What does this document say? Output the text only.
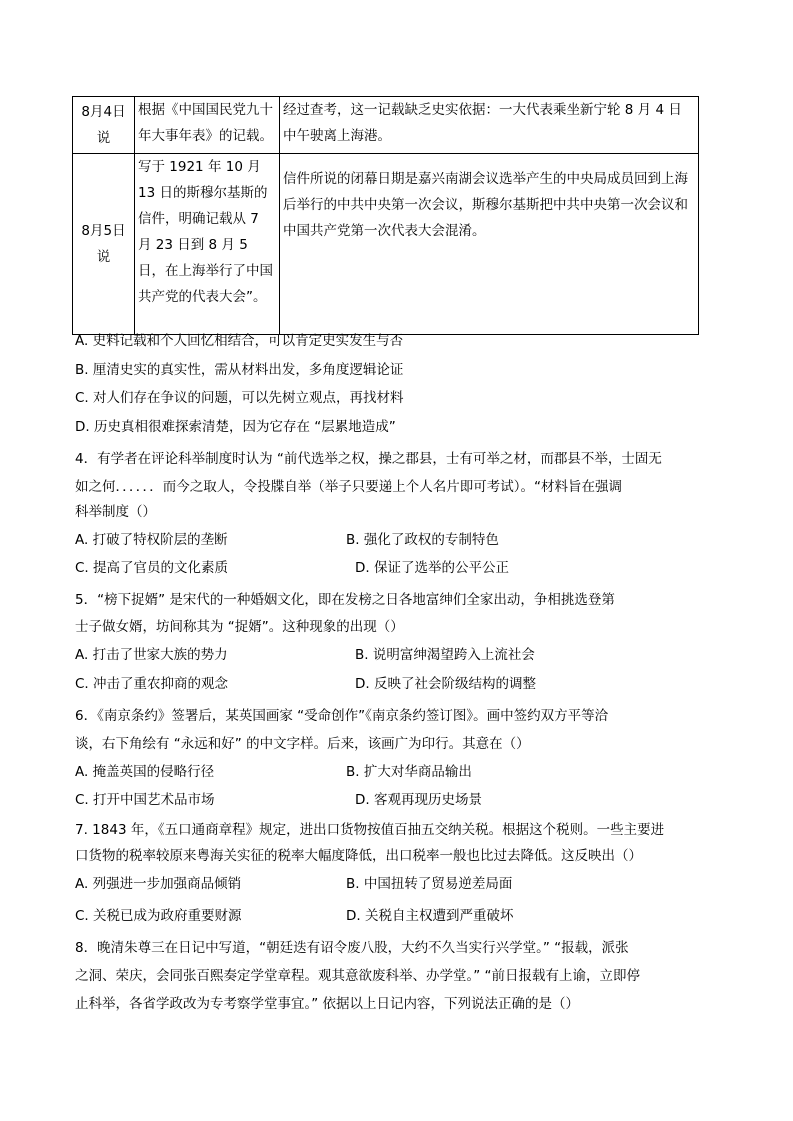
8月4日说	根据《中国国民党九十年大事年表》的记载。	经过查考，这一记载缺乏史实依据：一大代表乘坐新宁轮 8 月 4 日中午驶离上海港。
8月5日说	写于 1921 年 10 月 13 日的斯穆尔基斯的信件，明确记载从 7 月 23 日到 8 月 5 日，在上海举行了中国共产党的代表大会”。	信件所说的闭幕日期是嘉兴南湖会议选举产生的中央局成员回到上海后举行的中共中央第一次会议，斯穆尔基斯把中共中央第一次会议和中国共产党第一次代表大会混淆。
A. 史料记载和个人回忆相结合，可以肯定史实发生与否
B. 厘清史实的真实性，需从材料出发，多角度逻辑论证
C. 对人们存在争议的问题，可以先树立观点，再找材料
D. 历史真相很难探索清楚，因为它存在 “层累地造成”
4．有学者在评论科举制度时认为 “前代选举之权，操之郡县，士有可举之材，而郡县不举，士固无
如之何．．．．．．而今之取人，令投牒自举（举子只要递上个人名片即可考试）。“材料旨在强调
科举制度（）
A. 打破了特权阶层的垄断	B. 强化了政权的专制特色
C. 提高了官员的文化素质	D. 保证了选举的公平公正
5．“榜下捉婿” 是宋代的一种婚姻文化，即在发榜之日各地富绅们全家出动，争相挑选登第
士子做女婿，坊间称其为 “捉婿”。这种现象的出现（）
A. 打击了世家大族的势力	B. 说明富绅渴望跨入上流社会
C. 冲击了重农抑商的观念	D. 反映了社会阶级结构的调整
6．《南京条约》签署后，某英国画家 “受命创作”《南京条约签订图》。画中签约双方平等洽
谈，右下角绘有 “永远和好” 的中文字样。后来，该画广为印行。其意在（）
A. 掩盖英国的侵略行径	B. 扩大对华商品输出
C. 打开中国艺术品市场	D. 客观再现历史场景
7. 1843 年，《五口通商章程》规定，进出口货物按值百抽五交纳关税。根据这个税则。一些主要进
口货物的税率较原来粤海关实征的税率大幅度降低，出口税率一般也比过去降低。这反映出（）
A. 列强进一步加强商品倾销	B. 中国扭转了贸易逆差局面
C. 关税已成为政府重要财源	D. 关税自主权遭到严重破坏
8．晚清朱尊三在日记中写道，“朝廷迭有诏令废八股，大约不久当实行兴学堂。” “报载，派张
之洞、荣庆，会同张百熙奏定学堂章程。观其意欲废科举、办学堂。” “前日报载有上谕，立即停
止科举，各省学政改为专考察学堂事宜。” 依据以上日记内容，下列说法正确的是（）
